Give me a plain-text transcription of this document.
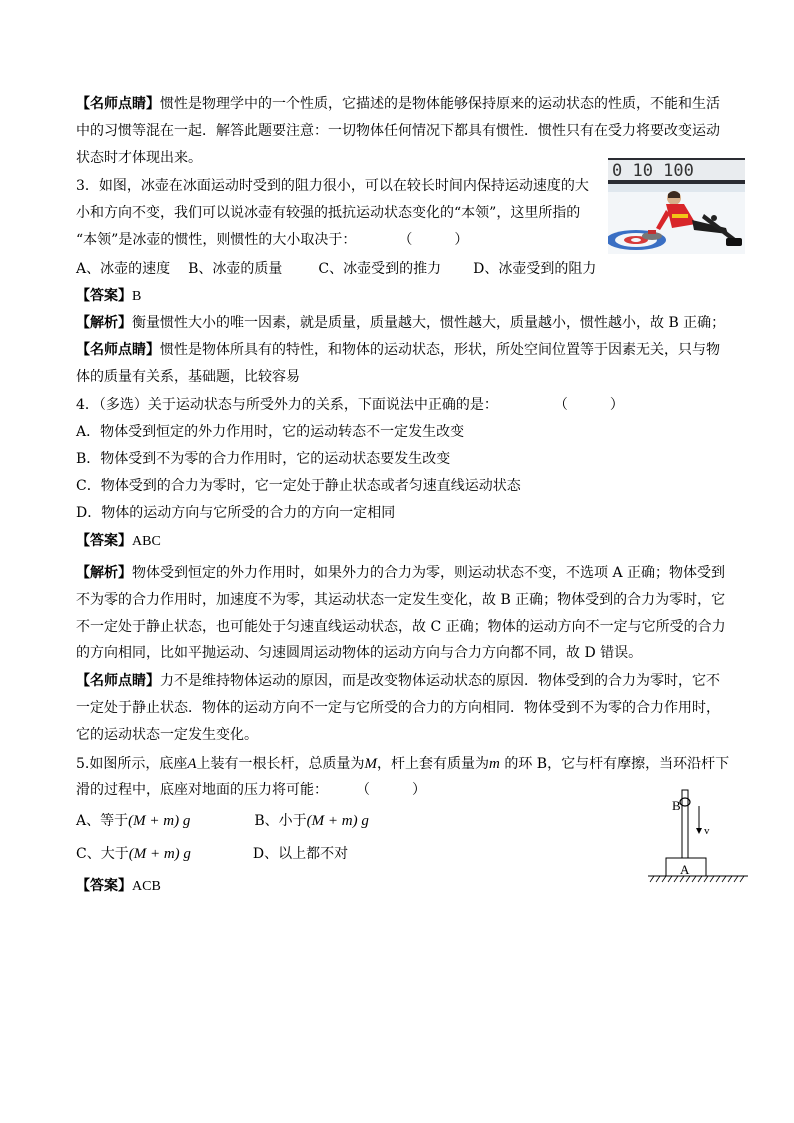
【名师点睛】惯性是物理学中的一个性质，它描述的是物体能够保持原来的运动状态的性质，不能和生活
中的习惯等混在一起．解答此题要注意：一切物体任何情况下都具有惯性．惯性只有在受力将要改变运动
状态时才体现出来。
3．如图，冰壶在冰面运动时受到的阻力很小，可以在较长时间内保持运动速度的大
小和方向不变，我们可以说冰壶有较强的抵抗运动状态变化的“本领”，这里所指的
“本领”是冰壶的惯性，则惯性的大小取决于：　　　　	（　　　）
A、冰壶的速度 B、冰壶的质量	C、冰壶受到的推力 D、冰壶受到的阻力
【答案】B
【解析】衡量惯性大小的唯一因素，就是质量，质量越大，惯性越大，质量越小，惯性越小，故 B 正确；
【名师点睛】惯性是物体所具有的特性，和物体的运动状态，形状，所处空间位置等于因素无关，只与物
体的质量有关系，基础题，比较容易
0 10 100
4．（多选）关于运动状态与所受外力的关系，下面说法中正确的是：　　　　　	（　　　）
A．物体受到恒定的外力作用时，它的运动转态不一定发生改变
B．物体受到不为零的合力作用时，它的运动状态要发生改变
C．物体受到的合力为零时，它一定处于静止状态或者匀速直线运动状态
D．物体的运动方向与它所受的合力的方向一定相同
【答案】ABC
【解析】物体受到恒定的外力作用时，如果外力的合力为零，则运动状态不变，不选项 A 正确；物体受到
不为零的合力作用时，加速度不为零，其运动状态一定发生变化，故 B 正确；物体受到的合力为零时，它
不一定处于静止状态，也可能处于匀速直线运动状态，故 C 正确；物体的运动方向不一定与它所受的合力
的方向相同，比如平抛运动、匀速圆周运动物体的运动方向与合力方向都不同，故 D 错误。
【名师点睛】力不是维持物体运动的原因，而是改变物体运动状态的原因．物体受到的合力为零时，它不
一定处于静止状态．物体的运动方向不一定与它所受的合力的方向相同．物体受到不为零的合力作用时，
它的运动状态一定发生变化。
5.如图所示，底座A上装有一根长杆，总质量为M，杆上套有质量为m 的环 B，它与杆有摩擦，当环沿杆下
滑的过程中，底座对地面的压力将可能：　　　	（　　　）
A、等于(M + m) g	B、小于(M + m) g
C、大于(M + m) g	D、以上都不对
【答案】ACB
B
v
A
